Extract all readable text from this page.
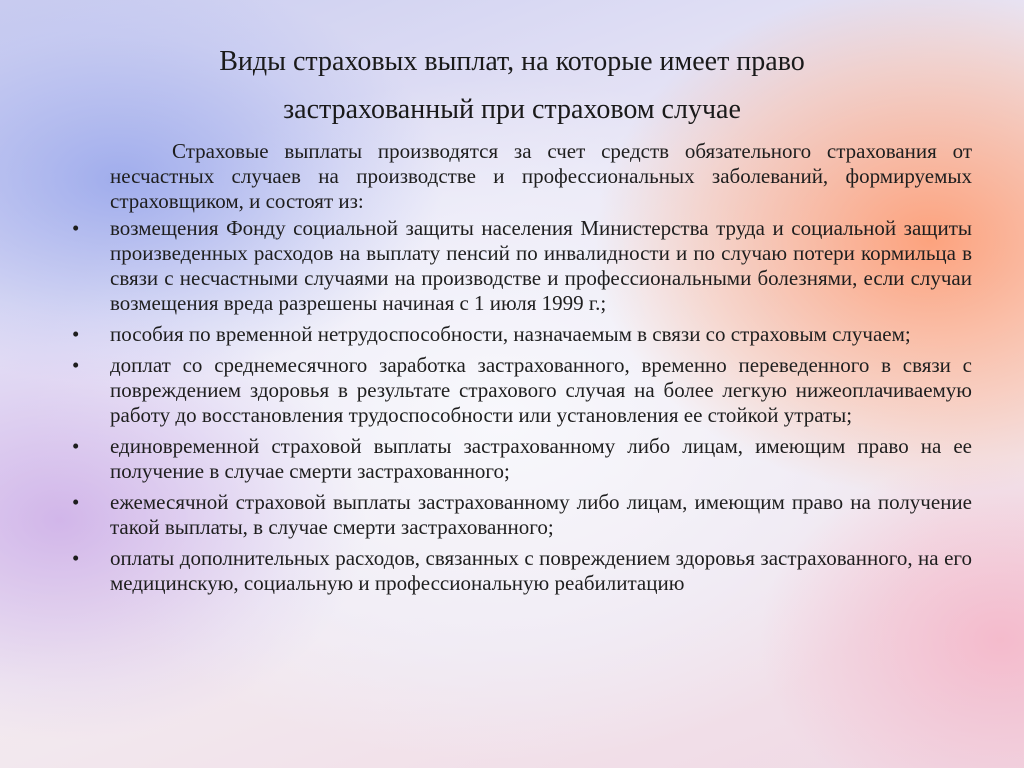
Виды страховых выплат, на которые имеет право
застрахованный при страховом случае

Страховые выплаты производятся за счет средств обязательного страхования от несчастных случаев на производстве и профессиональных заболеваний, формируемых страховщиком, и состоят из:

• возмещения Фонду социальной защиты населения Министерства труда и социальной защиты произведенных расходов на выплату пенсий по инвалидности и по случаю потери кормильца в связи с несчастными случаями на производстве и профессиональными болезнями, если случаи возмещения вреда разрешены начиная с 1 июля 1999 г.;
• пособия по временной нетрудоспособности, назначаемым в связи со страховым случаем;
• доплат со среднемесячного заработка застрахованного, временно переведенного в связи с повреждением здоровья в результате страхового случая на более легкую нижеоплачиваемую работу до восстановления трудоспособности или установления ее стойкой утраты;
• единовременной страховой выплаты застрахованному либо лицам, имеющим право на ее получение в случае смерти застрахованного;
• ежемесячной страховой выплаты застрахованному либо лицам, имеющим право на получение такой выплаты, в случае смерти застрахованного;
• оплаты дополнительных расходов, связанных с повреждением здоровья застрахованного, на его медицинскую, социальную и профессиональную реабилитацию
